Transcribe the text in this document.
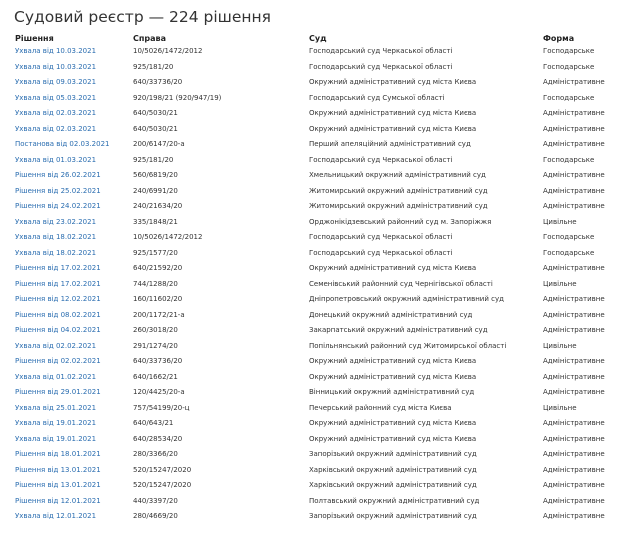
Судовий реєстр — 224 рішення
Рішення	Справа	Суд	Форма
Ухвала від 10.03.2021	10/5026/1472/2012	Господарський суд Черкаської області	Господарське
Ухвала від 10.03.2021	925/181/20	Господарський суд Черкаської області	Господарське
Ухвала від 09.03.2021	640/33736/20	Окружний адміністративний суд міста Києва	Адміністративне
Ухвала від 05.03.2021	920/198/21 (920/947/19)	Господарський суд Сумської області	Господарське
Ухвала від 02.03.2021	640/5030/21	Окружний адміністративний суд міста Києва	Адміністративне
Ухвала від 02.03.2021	640/5030/21	Окружний адміністративний суд міста Києва	Адміністративне
Постанова від 02.03.2021	200/6147/20-а	Перший апеляційний адміністративний суд	Адміністративне
Ухвала від 01.03.2021	925/181/20	Господарський суд Черкаської області	Господарське
Рішення від 26.02.2021	560/6819/20	Хмельницький окружний адміністративний суд	Адміністративне
Рішення від 25.02.2021	240/6991/20	Житомирський окружний адміністративний суд	Адміністративне
Рішення від 24.02.2021	240/21634/20	Житомирський окружний адміністративний суд	Адміністративне
Ухвала від 23.02.2021	335/1848/21	Орджонікідзевський районний суд м. Запоріжжя	Цивільне
Ухвала від 18.02.2021	10/5026/1472/2012	Господарський суд Черкаської області	Господарське
Ухвала від 18.02.2021	925/1577/20	Господарський суд Черкаської області	Господарське
Рішення від 17.02.2021	640/21592/20	Окружний адміністративний суд міста Києва	Адміністративне
Рішення від 17.02.2021	744/1288/20	Семенівський районний суд Чернігівської області	Цивільне
Рішення від 12.02.2021	160/11602/20	Дніпропетровський окружний адміністративний суд	Адміністративне
Рішення від 08.02.2021	200/1172/21-а	Донецький окружний адміністративний суд	Адміністративне
Рішення від 04.02.2021	260/3018/20	Закарпатський окружний адміністративний суд	Адміністративне
Ухвала від 02.02.2021	291/1274/20	Попільнянський районний суд Житомирської області	Цивільне
Рішення від 02.02.2021	640/33736/20	Окружний адміністративний суд міста Києва	Адміністративне
Ухвала від 01.02.2021	640/1662/21	Окружний адміністративний суд міста Києва	Адміністративне
Рішення від 29.01.2021	120/4425/20-а	Вінницький окружний адміністративний суд	Адміністративне
Ухвала від 25.01.2021	757/54199/20-ц	Печерський районний суд міста Києва	Цивільне
Ухвала від 19.01.2021	640/643/21	Окружний адміністративний суд міста Києва	Адміністративне
Ухвала від 19.01.2021	640/28534/20	Окружний адміністративний суд міста Києва	Адміністративне
Рішення від 18.01.2021	280/3366/20	Запорізький окружний адміністративний суд	Адміністративне
Рішення від 13.01.2021	520/15247/2020	Харківський окружний адміністративний суд	Адміністративне
Рішення від 13.01.2021	520/15247/2020	Харківський окружний адміністративний суд	Адміністративне
Рішення від 12.01.2021	440/3397/20	Полтавський окружний адміністративний суд	Адміністративне
Ухвала від 12.01.2021	280/4669/20	Запорізький окружний адміністративний суд	Адміністративне
